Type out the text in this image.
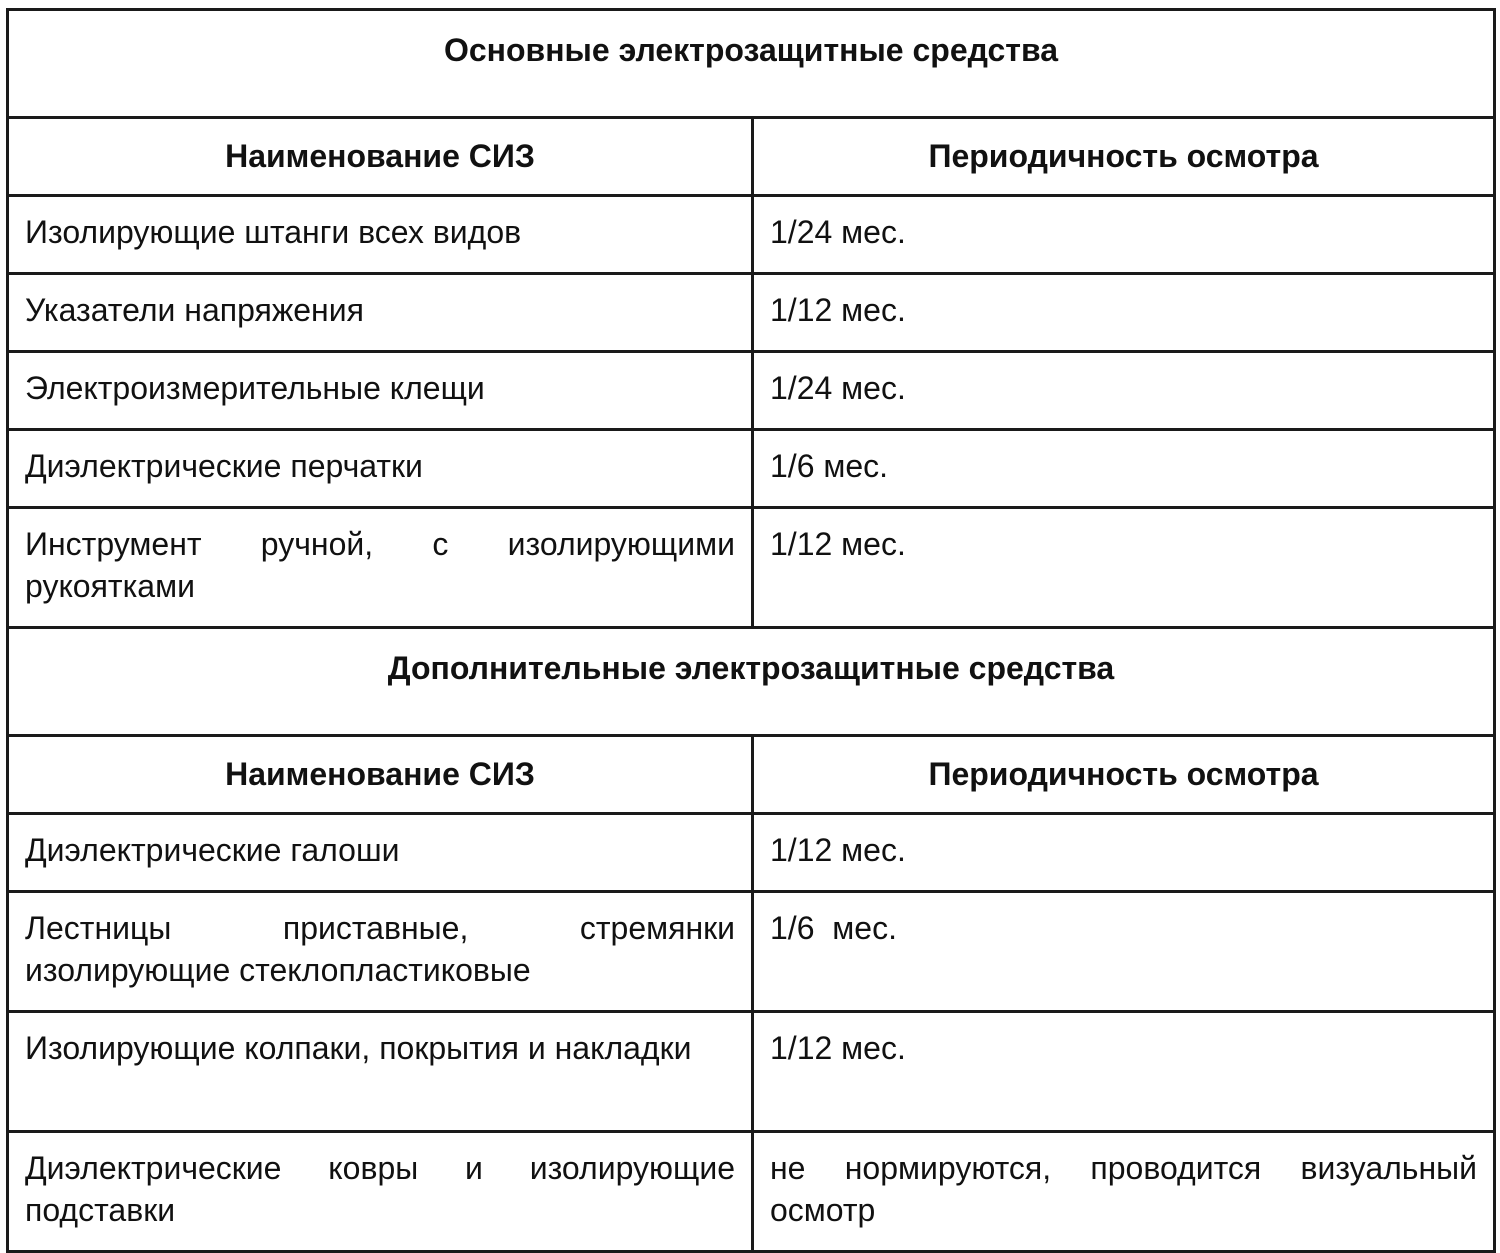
Основные электрозащитные средства	
Наименование СИЗ	Периодичность осмотра
Изолирующие штанги всех видов	1/24 мес.
Указатели напряжения	1/12 мес.
Электроизмерительные клещи	1/24 мес.
Диэлектрические перчатки	1/6 мес.
Инструмент ручной, с изолирующими рукоятками	1/12 мес.
Дополнительные электрозащитные средства	
Наименование СИЗ	Периодичность осмотра
Диэлектрические галоши	1/12 мес.
Лестницы приставные, стремянки изолирующие стеклопластиковые	1/6  мес.
Изолирующие колпаки, покрытия и накладки	1/12 мес.
Диэлектрические ковры и изолирующие подставки	не нормируются, проводится визуальный осмотр
